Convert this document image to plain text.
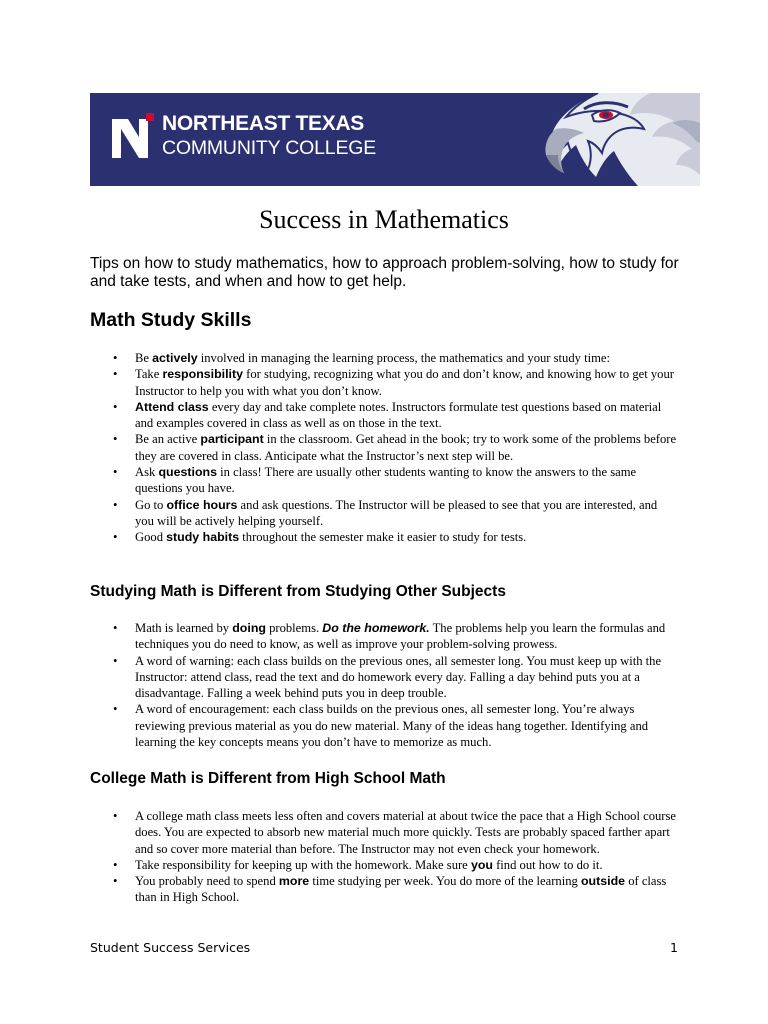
NORTHEAST TEXAS
COMMUNITY COLLEGE
Success in Mathematics

Tips on how to study mathematics, how to approach problem-solving, how to study for and take tests, and when and how to get help.

Math Study Skills
• Be actively involved in managing the learning process, the mathematics and your study time:
• Take responsibility for studying, recognizing what you do and don’t know, and knowing how to get your
Instructor to help you with what you don’t know.
• Attend class every day and take complete notes. Instructors formulate test questions based on material and examples covered in class as well as on those in the text.
• Be an active participant in the classroom. Get ahead in the book; try to work some of the problems before they are covered in class. Anticipate what the Instructor’s next step will be.
• Ask questions in class! There are usually other students wanting to know the answers to the same questions you have.
• Go to office hours and ask questions. The Instructor will be pleased to see that you are interested, and you will be actively helping yourself.
• Good study habits throughout the semester make it easier to study for tests.
Studying Math is Different from Studying Other Subjects
• Math is learned by doing problems. Do the homework. The problems help you learn the formulas and techniques you do need to know, as well as improve your problem-solving prowess.
• A word of warning: each class builds on the previous ones, all semester long. You must keep up with the Instructor: attend class, read the text and do homework every day. Falling a day behind puts you at a disadvantage. Falling a week behind puts you in deep trouble.
• A word of encouragement: each class builds on the previous ones, all semester long. You’re always reviewing previous material as you do new material. Many of the ideas hang together. Identifying and learning the key concepts means you don’t have to memorize as much.
College Math is Different from High School Math
• A college math class meets less often and covers material at about twice the pace that a High School course does. You are expected to absorb new material much more quickly. Tests are probably spaced farther apart and so cover more material than before. The Instructor may not even check your homework.
• Take responsibility for keeping up with the homework. Make sure you find out how to do it.
• You probably need to spend more time studying per week. You do more of the learning outside of class than in High School.
Student Success Services	1
